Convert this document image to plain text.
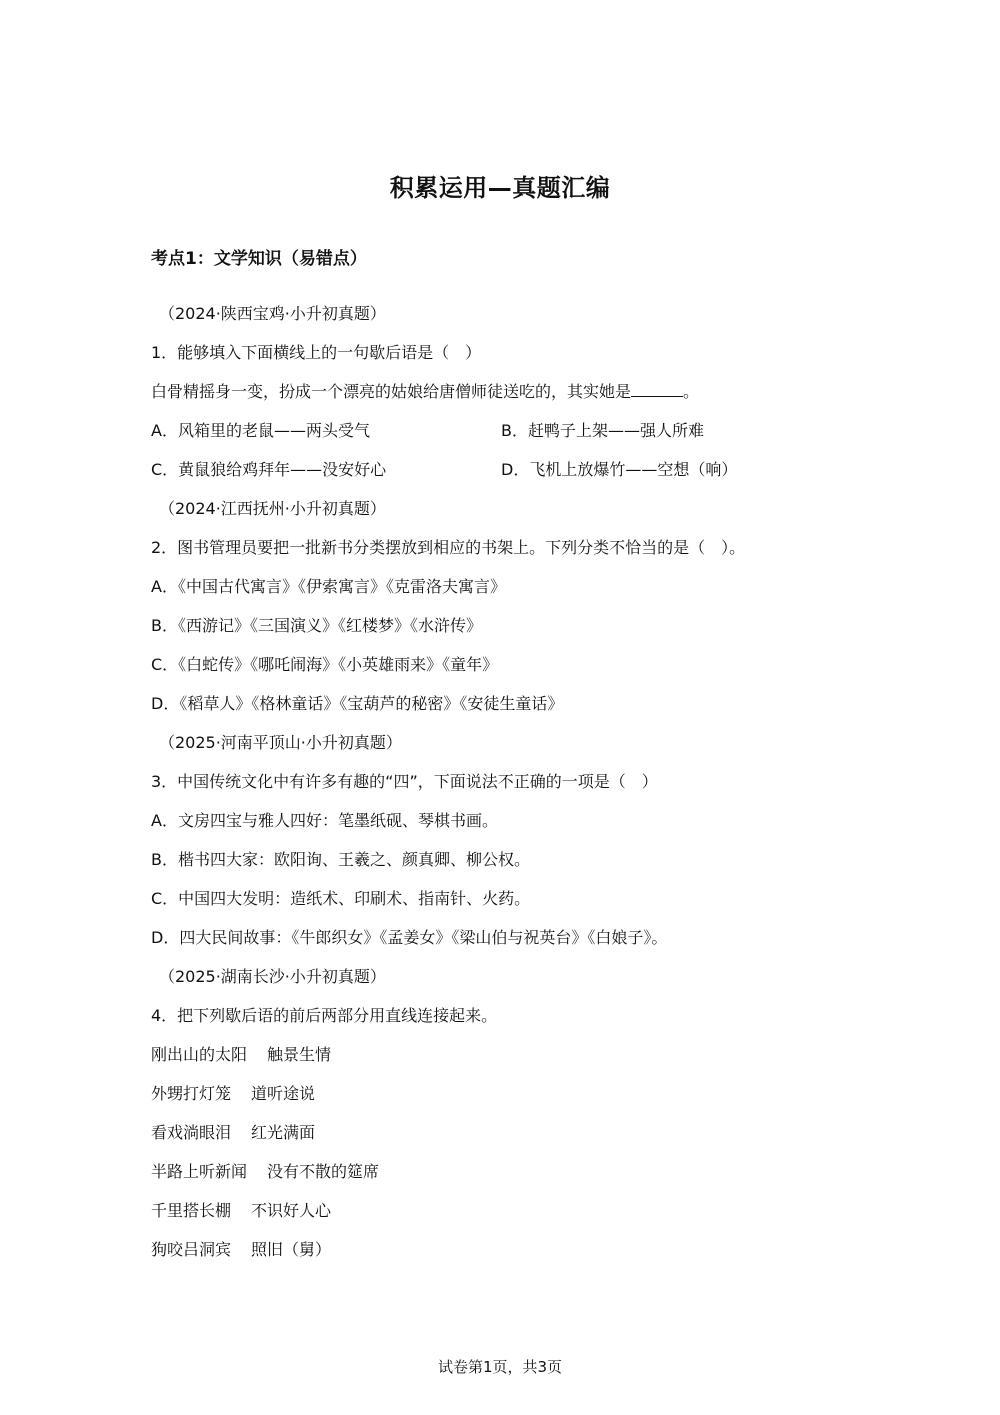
积累运用—真题汇编
考点1：文学知识（易错点）
（2024·陕西宝鸡·小升初真题）
1．能够填入下面横线上的一句歇后语是（　）
白骨精摇身一变，扮成一个漂亮的姑娘给唐僧师徒送吃的，其实她是	。
A．风箱里的老鼠——两头受气	B．赶鸭子上架——强人所难
C．黄鼠狼给鸡拜年——没安好心	D．飞机上放爆竹——空想（响）
（2024·江西抚州·小升初真题）
2．图书管理员要把一批新书分类摆放到相应的书架上。下列分类不恰当的是（　）。
A．《中国古代寓言》《伊索寓言》《克雷洛夫寓言》
B．《西游记》《三国演义》《红楼梦》《水浒传》
C．《白蛇传》《哪吒闹海》《小英雄雨来》《童年》
D．《稻草人》《格林童话》《宝葫芦的秘密》《安徒生童话》
（2025·河南平顶山·小升初真题）
3．中国传统文化中有许多有趣的“四”，下面说法不正确的一项是（　）
A．文房四宝与雅人四好：笔墨纸砚、琴棋书画。
B．楷书四大家：欧阳询、王羲之、颜真卿、柳公权。
C．中国四大发明：造纸术、印刷术、指南针、火药。
D．四大民间故事：《牛郎织女》《孟姜女》《梁山伯与祝英台》《白娘子》。
（2025·湖南长沙·小升初真题）
4．把下列歇后语的前后两部分用直线连接起来。
刚出山的太阳 触景生情
外甥打灯笼 道听途说
看戏淌眼泪 红光满面
半路上听新闻 没有不散的筵席
千里搭长棚 不识好人心
狗咬吕洞宾 照旧（舅）
试卷第1页，共3页
